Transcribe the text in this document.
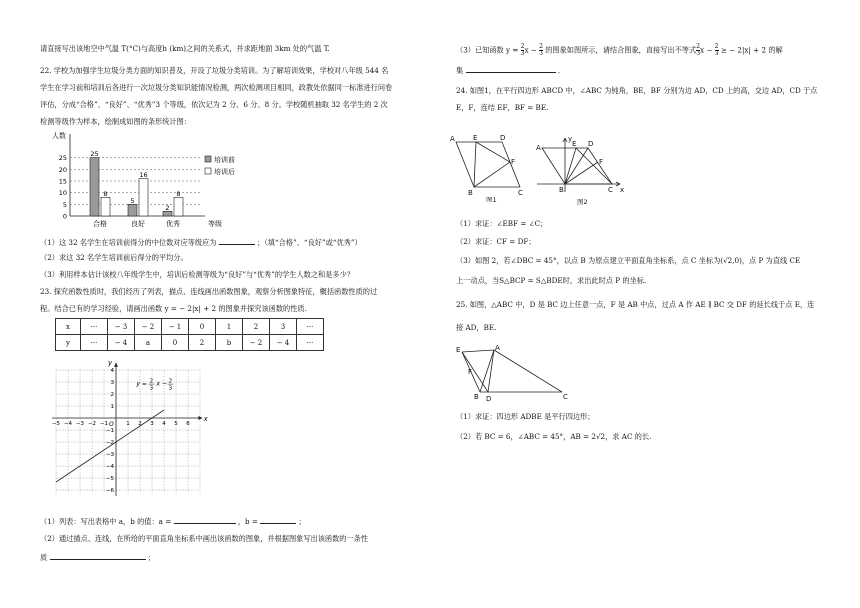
请直接写出该地空中气温 T(°C)与高度h (km)之间的关系式，并求距地面 3km 处的气温 T.
22. 学校为加强学生垃圾分类方面的知识普及，开设了垃圾分类培训。为了解培训效果，学校对八年级 544 名
学生在学习前和培训后各进行一次垃圾分类知识能情况检测，两次检测项目相同，政教处依据同一标准进行问卷
评估，分成“合格”、“良好”、“优秀”3 个等级，依次记为 2 分、6 分、8 分。学校随机抽取 32 名学生的 2 次
检测等级作为样本，绘制成如图的条形统计图：
人数
0
5
10
15
20
25	25
8
合格
5
16
良好
2
8
优秀	等级
培训前
培训后
（1）这 32 名学生在培训前得分的中位数对应等级应为	；（填“合格”、“良好”或“优秀”）
（2）求这 32 名学生培训前后得分的平均分。
（3）利用样本估计该校八年级学生中，培训后检测等级为“良好”与“优秀”的学生人数之和是多少？
23. 探究函数性质时，我们经历了列表，描点、连线画出函数图象，观察分析图象特征，概括函数性质的过
程。结合已有的学习经验，请画出函数 y = − 2|x| + 2 的图象并探究该函数的性质.
x	···	− 3	− 2	− 1	0	1	2	3	···
y	···	− 4	a	0	2	b	− 2	− 4	···
x
y
O
−5 −4 −3 −2 −1	1 2 3 4 5 6
4
3
2
1
−1
−2
−3
−4
−5
−6
y = 2
3
x − 2
3
（1）列表：写出表格中 a，b 的值：a =	，b =	；
（2）通过描点、连线，在所给的平面直角坐标系中画出该函数的图象，并根据图象写出该函数的一条性
质	；
（3）已知函数 $y = \frac{2}{3}$ $x - \frac{2}{3}$ 的图象如图所示，请结合图象，直接写出不等式 $\frac{2}{3}$ $x - \frac{2}{3}$ ≥ − 2|x| + 2 的解
集	.
24. 如图1，在平行四边形 ABCD 中，∠ABC 为钝角，BE，BF 分别为边 AD，CD 上的高，交边 AD，CD 于点
E，F，连结 EF，BF = BE.
A	E	D
F
B	C
图1
y
A	E D
F
B	C x
图2
（1）求证：∠EBF = ∠C；
（2）求证：CF = DF；
（3）如图 2，若∠DBC = 45°，以点 B 为原点建立平面直角坐标系，点 C 坐标为(√2,0)，点 P 为直线 CE
上一动点，当S△BCP = S△BDE时，求出此时点 P 的坐标.
25. 如图，△ABC 中，D 是 BC 边上任意一点，F 是 AB 中点，过点 A 作 AE ∥ BC 交 DF 的延长线于点 E，连
接 AD，BE.
E	A
F
B D	C
（1）求证：四边形 ADBE 是平行四边形；
（2）若 BC = 6，∠ABC = 45°，AB = 2√2，求 AC 的长.
